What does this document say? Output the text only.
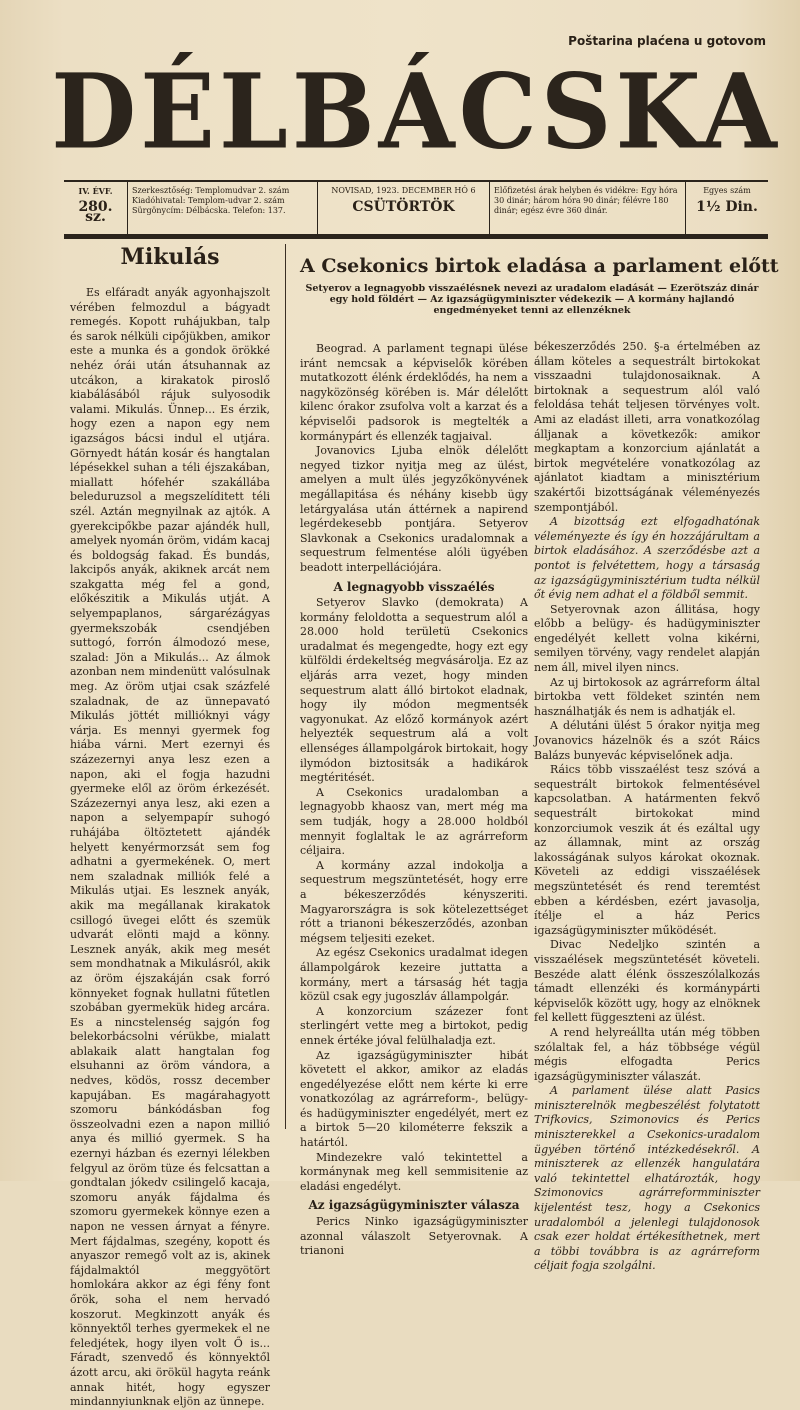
Poštarina plaćena u gotovom
DÉLBÁCSKA
IV. ÉVF.
280. sz.
Szerkesztőség: Templomudvar 2. szám Kiadóhivatal: Templom-udvar 2. szám Sürgönycím: Délbácska. Telefon: 137.
NOVISAD, 1923. DECEMBER HÓ 6
CSÜTÖRTÖK
Előfizetési árak helyben és vidékre: Egy hóra 30 dinár; három hóra 90 dinár; félévre 180 dinár; egész évre 360 dinár.
Egyes szám
1½ Din.
Mikulás

Es elfáradt anyák agyonhajszolt vérében felmozdul a bágyadt remegés. Kopott ruhájukban, talp és sarok nélküli cipőjükben, amikor este a munka és a gondok örökké nehéz órái után átsuhannak az utcákon, a kirakatok piroslő kiabálásából rájuk sulyosodik valami. Mikulás. Ünnep... Es érzik, hogy ezen a napon egy nem igazságos bácsi indul el utjára. Görnyedt hátán kosár és hangtalan lépésekkel suhan a téli éjszakában, miallatt hófehér szakállába beleduruzsol a megszelíditett téli szél. Aztán megnyilnak az ajtók. A gyerekcipőkbe pazar ajándék hull, amelyek nyomán öröm, vidám kacaj és boldogság fakad. És bundás, lakcipős anyák, akiknek arcát nem szakgatta még fel a gond, előkészitik a Mikulás utját. A selyempaplanos, sárgarézágyas gyermekszobák csendjében suttogó, forrón álmodozó mese, szalad: Jön a Mikulás... Az álmok azonban nem mindenütt valósulnak meg. Az öröm utjai csak százfelé szaladnak, de az ünnepavató Mikulás jöttét millióknyi vágy várja. Es mennyi gyermek fog hiába várni. Mert ezernyi és százezernyi anya lesz ezen a napon, aki el fogja hazudni gyermeke elől az öröm érkezését. Százezernyi anya lesz, aki ezen a napon a selyempapír suhogó ruhájába öltöztetett ajándék helyett kenyérmorzsát sem fog adhatni a gyermekének. O, mert nem szaladnak milliók felé a Mikulás utjai. Es lesznek anyák, akik ma megállanak kirakatok csillogó üvegei előtt és szemük udvarát elönti majd a könny. Lesznek anyák, akik meg mesét sem mondhatnak a Mikulásról, akik az öröm éjszakáján csak forró könnyeket fognak hullatni fűtetlen szobában gyermekük hideg arcára. Es a nincstelenség sajgón fog belekorbácsolni vérükbe, mialatt ablakaik alatt hangtalan fog elsuhanni az öröm vándora, a nedves, ködös, rossz december kapujában. Es magárahagyott szomoru bánkódásban fog összeolvadni ezen a napon millió anya és millió gyermek. S ha ezernyi házban és ezernyi lélekben felgyul az öröm tüze és felcsattan a gondtalan jókedv csilingelő kacaja, szomoru anyák fájdalma és szomoru gyermekek könnye ezen a napon ne vessen árnyat a fényre. Mert fájdalmas, szegény, kopott és anyaszor remegő volt az is, akinek fájdalmaktól meggyötört homlokára akkor az égi fény font őrök, soha el nem hervadó koszorut. Megkinzott anyák és könnyektől terhes gyermekek el ne feledjétek, hogy ilyen volt Ő is... Fáradt, szenvedő és könnyektől ázott arcu, aki örökül hagyta reánk annak hitét, hogy egyszer mindannyiunknak eljön az ünnepe.

A Csekonics birtok eladása a parlament előtt
Setyerov a legnagyobb visszaélésnek nevezi az uradalom eladását — Ezerötszáz dinár egy hold földért — Az igazságügyminiszter védekezik — A kormány hajlandó engedményeket tenni az ellenzéknek

Beograd. A parlament tegnapi ülése iránt nemcsak a képviselők körében mutatkozott élénk érdeklődés, ha nem a nagyközönség körében is. Már délelőtt kilenc órakor zsufolva volt a karzat és a képviselői padsorok is megtelték a kormánypárt és ellenzék tagjaival.

Jovanovics Ljuba elnök délelőtt negyed tizkor nyitja meg az ülést, amelyen a mult ülés jegyzőkönyvének megállapitása és néhány kisebb ügy letárgyalása után áttérnek a napirend legérdekesebb pontjára. Setyerov Slavkonak a Csekonics uradalomnak a sequestrum felmentése alóli ügyében beadott interpellációjára.

A legnagyobb visszaélés

Setyerov Slavko (demokrata) A kormány feloldotta a sequestrum alól a 28.000 hold területü Csekonics uradalmat és megengedte, hogy ezt egy külföldi érdekeltség megvásárolja. Ez az eljárás arra vezet, hogy minden sequestrum alatt álló birtokot eladnak, hogy ily módon megmentsék vagyonukat. Az előző kormányok azért helyezték sequestrum alá a volt ellenséges állampolgárok birtokait, hogy ilymódon biztositsák a hadikárok megtéritését.

A Csekonics uradalomban a legnagyobb khaosz van, mert még ma sem tudják, hogy a 28.000 holdból mennyit foglaltak le az agrárreform céljaira.

A kormány azzal indokolja a sequestrum megszüntetését, hogy erre a békeszerződés kényszeriti. Magyarországra is sok kötelezettséget rótt a trianoni békeszerződés, azonban mégsem teljesiti ezeket.

Az egész Csekonics uradalmat idegen állampolgárok kezeire juttatta a kormány, mert a társaság hét tagja közül csak egy jugoszláv állampolgár.

A konzorcium százezer font sterlingért vette meg a birtokot, pedig ennek értéke jóval felülhaladja ezt.

Az igazságügyminiszter hibát követett el akkor, amikor az eladás engedélyezése előtt nem kérte ki erre vonatkozólag az agrárreform-, belügy- és hadügyminiszter engedélyét, mert ez a birtok 5—20 kilométerre fekszik a határtól.

Mindezekre való tekintettel a kormánynak meg kell semmisitenie az eladási engedélyt.

Az igazságügyminiszter válasza

Perics Ninko igazságügyminiszter azonnal válaszolt Setyerovnak. A trianoni

békeszerződés 250. §-a értelmében az állam köteles a sequestrált birtokokat visszaadni tulajdonosaiknak. A birtoknak a sequestrum alól való feloldása tehát teljesen törvényes volt. Ami az eladást illeti, arra vonatkozólag álljanak a következők: amikor megkaptam a konzorcium ajánlatát a birtok megvételére vonatkozólag az ajánlatot kiadtam a minisztérium szakértői bizottságának véleményezés szempontjából.

A bizottság ezt elfogadhatónak véleményezte és így én hozzájárultam a birtok eladásához. A szerződésbe azt a pontot is felvétettem, hogy a társaság az igazságügyminisztérium tudta nélkül őt évig nem adhat el a földből semmit.

Setyerovnak azon állitása, hogy előbb a belügy- és hadügyminiszter engedélyét kellett volna kikérni, semilyen törvény, vagy rendelet alapján nem áll, mivel ilyen nincs.

Az uj birtokosok az agrárreform által birtokba vett földeket szintén nem használhatják és nem is adhatják el.

A délutáni ülést 5 órakor nyitja meg Jovanovics házelnök és a szót Ráics Balázs bunyevác képviselőnek adja.

Ráics több visszaélést tesz szóvá a sequestrált birtokok felmentésével kapcsolatban. A határmenten fekvő sequestrált birtokokat mind konzorciumok veszik át és ezáltal ugy az államnak, mint az ország lakosságának sulyos károkat okoznak. Követeli az eddigi visszaélések megszüntetését és rend teremtést ebben a kérdésben, ezért javasolja, ítélje el a ház Perics igazságügyminiszter működését.

Divac Nedeljko szintén a visszaélések megszüntetését követeli. Beszéde alatt élénk összeszólalkozás támadt ellenzéki és kormánypárti képviselők között ugy, hogy az elnöknek fel kellett függeszteni az ülést.

A rend helyreállta után még többen szólaltak fel, a ház többsége végül mégis elfogadta Perics igazságügyminiszter válaszát.

A parlament ülése alatt Pasics miniszterelnök megbeszélést folytatott Trifkovics, Szimonovics és Perics miniszterekkel a Csekonics-uradalom ügyében történő intézkedésekről. A miniszterek az ellenzék hangulatára való tekintettel elhatározták, hogy Szimonovics agrárreformminiszter kijelentést tesz, hogy a Csekonics uradalomból a jelenlegi tulajdonosok csak ezer holdat értékesíthetnek, mert a többi továbbra is az agrárreform céljait fogja szolgálni.
